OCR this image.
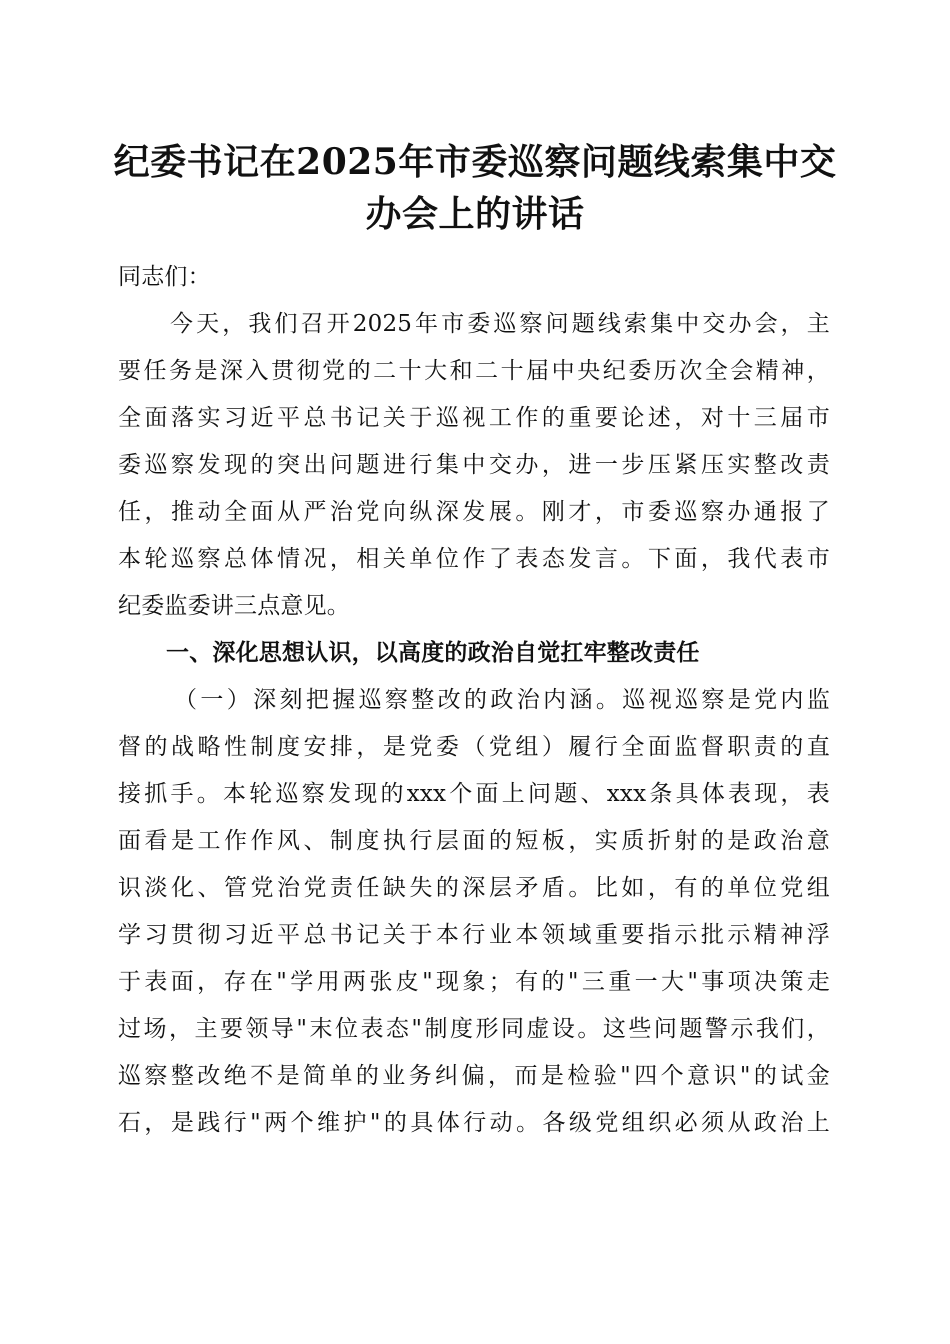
纪委书记在2025年市委巡察问题线索集中交
办会上的讲话
同志们：
今天，我们召开2025年市委巡察问题线索集中交办会，主
要任务是深入贯彻党的二十大和二十届中央纪委历次全会精神，
全面落实习近平总书记关于巡视工作的重要论述，对十三届市
委巡察发现的突出问题进行集中交办，进一步压紧压实整改责
任，推动全面从严治党向纵深发展。刚才，市委巡察办通报了
本轮巡察总体情况，相关单位作了表态发言。下面，我代表市
纪委监委讲三点意见。
一、深化思想认识，以高度的政治自觉扛牢整改责任
（一）深刻把握巡察整改的政治内涵。巡视巡察是党内监
督的战略性制度安排，是党委（党组）履行全面监督职责的直
接抓手。本轮巡察发现的xxx个面上问题、xxx条具体表现，表
面看是工作作风、制度执行层面的短板，实质折射的是政治意
识淡化、管党治党责任缺失的深层矛盾。比如，有的单位党组
学习贯彻习近平总书记关于本行业本领域重要指示批示精神浮
于表面，存在"学用两张皮"现象；有的"三重一大"事项决策走
过场，主要领导"末位表态"制度形同虚设。这些问题警示我们，
巡察整改绝不是简单的业务纠偏，而是检验"四个意识"的试金
石，是践行"两个维护"的具体行动。各级党组织必须从政治上
